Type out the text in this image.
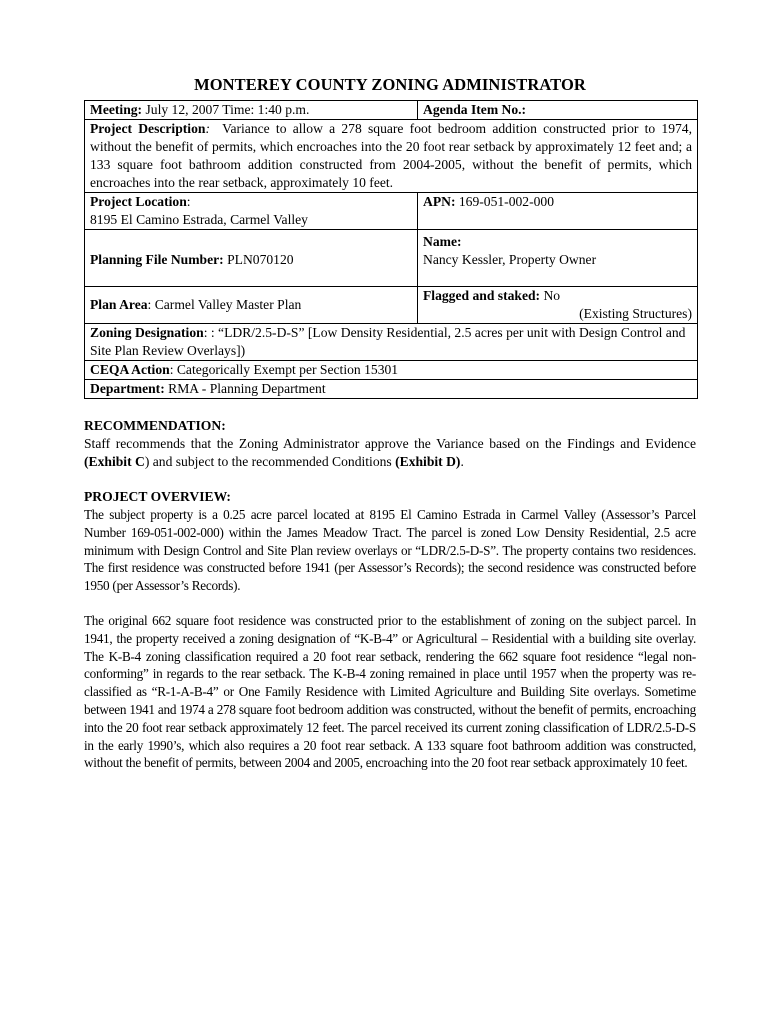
MONTEREY COUNTY ZONING ADMINISTRATOR
Meeting: July 12, 2007 Time: 1:40 p.m.	Agenda Item No.:
Project Description: Variance to allow a 278 square foot bedroom addition constructed prior to 1974, without the benefit of permits, which encroaches into the 20 foot rear setback by approximately 12 feet and; a 133 square foot bathroom addition constructed from 2004-2005, without the benefit of permits, which encroaches into the rear setback, approximately 10 feet.	
Project Location:
8195 El Camino Estrada, Carmel Valley	APN: 169-051-002-000
Planning File Number: PLN070120	Name:
Nancy Kessler, Property Owner
Plan Area: Carmel Valley Master Plan	Flagged and staked: No
(Existing Structures)

Zoning Designation: : “LDR/2.5-D-S” [Low Density Residential, 2.5 acres per unit with Design Control and Site Plan Review Overlays])	
CEQA Action: Categorically Exempt per Section 15301	
Department: RMA - Planning Department	
RECOMMENDATION:

Staff recommends that the Zoning Administrator approve the Variance based on the Findings and Evidence (Exhibit C) and subject to the recommended Conditions (Exhibit D).

PROJECT OVERVIEW:

The subject property is a 0.25 acre parcel located at 8195 El Camino Estrada in Carmel Valley (Assessor’s Parcel Number 169-051-002-000) within the James Meadow Tract. The parcel is zoned Low Density Residential, 2.5 acre minimum with Design Control and Site Plan review overlays or “LDR/2.5-D-S”. The property contains two residences. The first residence was constructed before 1941 (per Assessor’s Records); the second residence was constructed before 1950 (per Assessor’s Records).

The original 662 square foot residence was constructed prior to the establishment of zoning on the subject parcel. In 1941, the property received a zoning designation of “K-B-4” or Agricultural – Residential with a building site overlay. The K-B-4 zoning classification required a 20 foot rear setback, rendering the 662 square foot residence “legal non-conforming” in regards to the rear setback. The K-B-4 zoning remained in place until 1957 when the property was re-classified as “R-1-A-B-4” or One Family Residence with Limited Agriculture and Building Site overlays. Sometime between 1941 and 1974 a 278 square foot bedroom addition was constructed, without the benefit of permits, encroaching into the 20 foot rear setback approximately 12 feet. The parcel received its current zoning classification of LDR/2.5-D-S in the early 1990’s, which also requires a 20 foot rear setback. A 133 square foot bathroom addition was constructed, without the benefit of permits, between 2004 and 2005, encroaching into the 20 foot rear setback approximately 10 feet.
